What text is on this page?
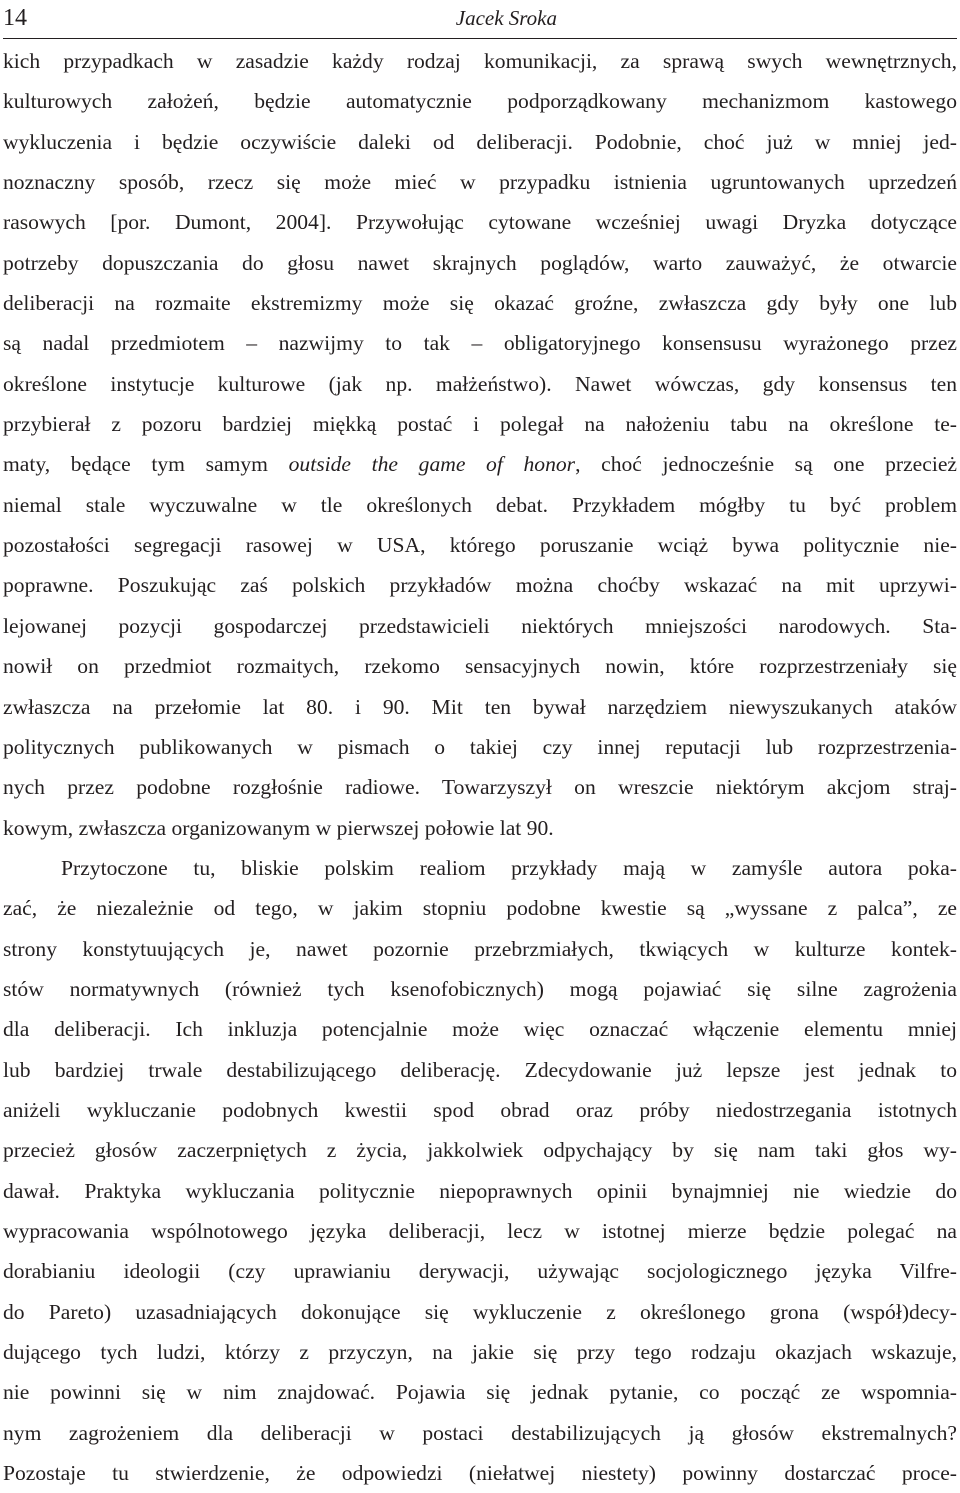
14	Jacek Sroka
kich przypadkach w zasadzie każdy rodzaj komunikacji, za sprawą swych wewnętrznych,
kulturowych założeń, będzie automatycznie podporządkowany mechanizmom kastowego
wykluczenia i będzie oczywiście daleki od deliberacji. Podobnie, choć już w mniej jed-
noznaczny sposób, rzecz się może mieć w przypadku istnienia ugruntowanych uprzedzeń
rasowych [por. Dumont, 2004]. Przywołując cytowane wcześniej uwagi Dryzka dotyczące
potrzeby dopuszczania do głosu nawet skrajnych poglądów, warto zauważyć, że otwarcie
deliberacji na rozmaite ekstremizmy może się okazać groźne, zwłaszcza gdy były one lub
są nadal przedmiotem – nazwijmy to tak – obligatoryjnego konsensusu wyrażonego przez
określone instytucje kulturowe (jak np. małżeństwo). Nawet wówczas, gdy konsensus ten
przybierał z pozoru bardziej miękką postać i polegał na nałożeniu tabu na określone te-
maty, będące tym samym outside the game of honor, choć jednocześnie są one przecież
niemal stale wyczuwalne w tle określonych debat. Przykładem mógłby tu być problem
pozostałości segregacji rasowej w USA, którego poruszanie wciąż bywa politycznie nie-
poprawne. Poszukując zaś polskich przykładów można choćby wskazać na mit uprzywi-
lejowanej pozycji gospodarczej przedstawicieli niektórych mniejszości narodowych. Sta-
nowił on przedmiot rozmaitych, rzekomo sensacyjnych nowin, które rozprzestrzeniały się
zwłaszcza na przełomie lat 80. i 90. Mit ten bywał narzędziem niewyszukanych ataków
politycznych publikowanych w pismach o takiej czy innej reputacji lub rozprzestrzenia-
nych przez podobne rozgłośnie radiowe. Towarzyszył on wreszcie niektórym akcjom straj-
kowym, zwłaszcza organizowanym w pierwszej połowie lat 90.
Przytoczone tu, bliskie polskim realiom przykłady mają w zamyśle autora poka-
zać, że niezależnie od tego, w jakim stopniu podobne kwestie są „wyssane z palca”, ze
strony konstytuujących je, nawet pozornie przebrzmiałych, tkwiących w kulturze kontek-
stów normatywnych (również tych ksenofobicznych) mogą pojawiać się silne zagrożenia
dla deliberacji. Ich inkluzja potencjalnie może więc oznaczać włączenie elementu mniej
lub bardziej trwale destabilizującego deliberację. Zdecydowanie już lepsze jest jednak to
aniżeli wykluczanie podobnych kwestii spod obrad oraz próby niedostrzegania istotnych
przecież głosów zaczerpniętych z życia, jakkolwiek odpychający by się nam taki głos wy-
dawał. Praktyka wykluczania politycznie niepoprawnych opinii bynajmniej nie wiedzie do
wypracowania wspólnotowego języka deliberacji, lecz w istotnej mierze będzie polegać na
dorabianiu ideologii (czy uprawianiu derywacji, używając socjologicznego języka Vilfre-
do Pareto) uzasadniających dokonujące się wykluczenie z określonego grona (współ)decy-
dującego tych ludzi, którzy z przyczyn, na jakie się przy tego rodzaju okazjach wskazuje,
nie powinni się w nim znajdować. Pojawia się jednak pytanie, co począć ze wspomnia-
nym zagrożeniem dla deliberacji w postaci destabilizujących ją głosów ekstremalnych?
Pozostaje tu stwierdzenie, że odpowiedzi (niełatwej niestety) powinny dostarczać proce-
